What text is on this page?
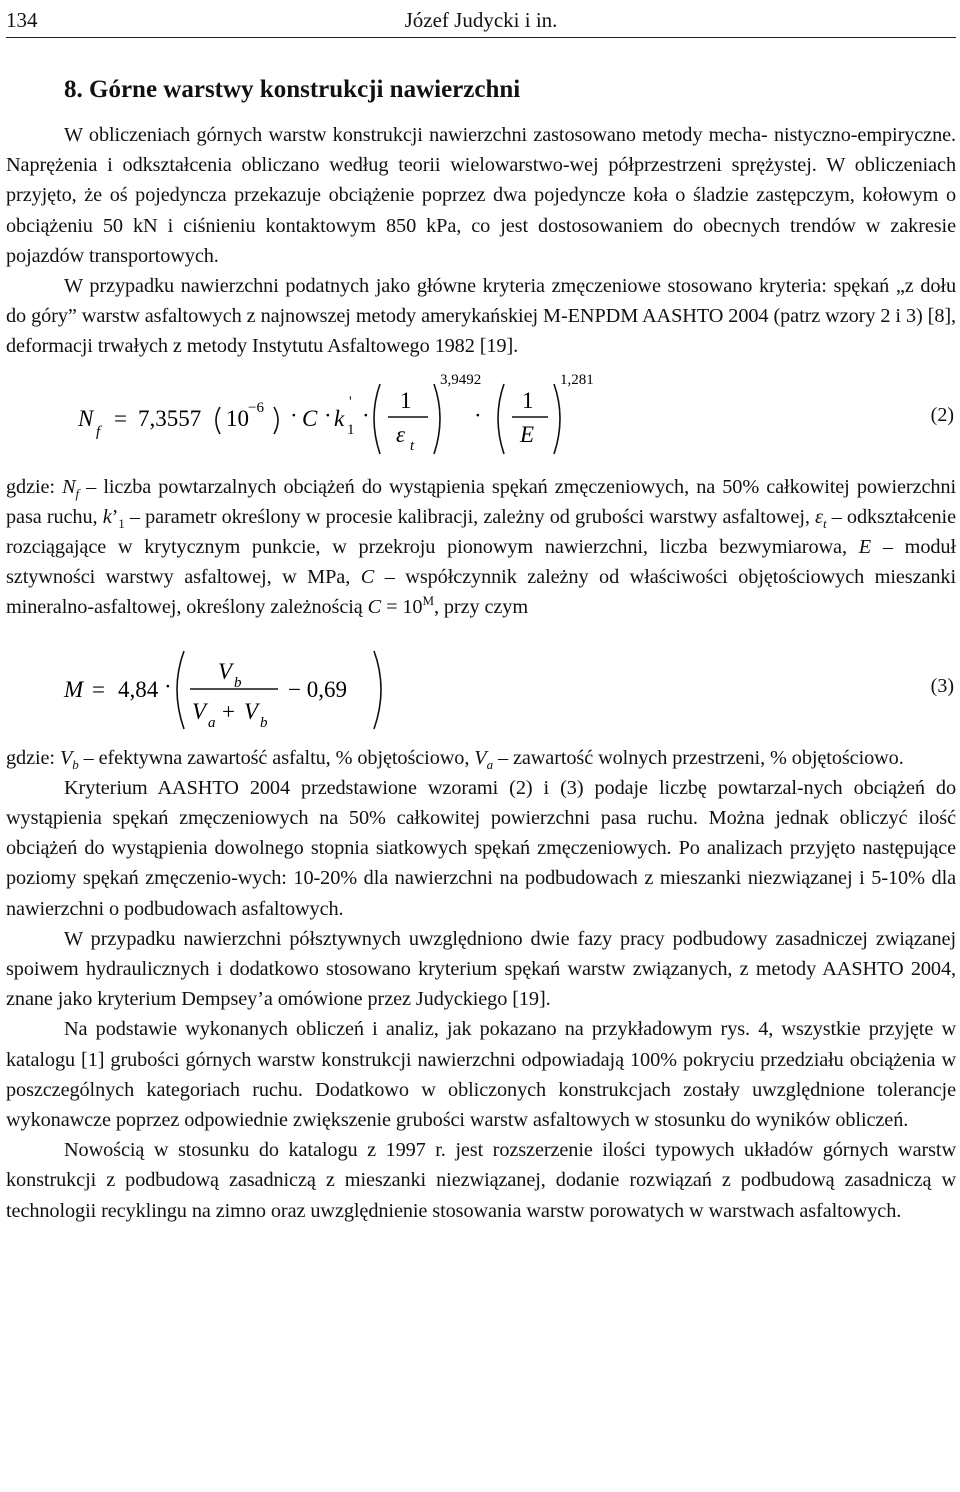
134	Józef Judycki i in.
8. Górne warstwy konstrukcji nawierzchni

W obliczeniach górnych warstw konstrukcji nawierzchni zastosowano metody mecha- nistyczno-empiryczne. Naprężenia i odkształcenia obliczano według teorii wielowarstwo-wej półprzestrzeni sprężystej. W obliczeniach przyjęto, że oś pojedyncza przekazuje obciążenie poprzez dwa pojedyncze koła o śladzie zastępczym, kołowym o obciążeniu 50 kN i ciśnieniu kontaktowym 850 kPa, co jest dostosowaniem do obecnych trendów w zakresie pojazdów transportowych.

W przypadku nawierzchni podatnych jako główne kryteria zmęczeniowe stosowano kryteria: spękań „z dołu do góry” warstw asfaltowych z najnowszej metody amerykańskiej M-ENPDM AASHTO 2004 (patrz wzory 2 i 3) [8], deformacji trwałych z metody Instytutu Asfaltowego 1982 [19].

N
f
= 7,3557 10 −6 · C · k
'
1
·
1
ε t
3,9492
·
1
E
1,281
(2)

gdzie: $N_f$ – liczba powtarzalnych obciążeń do wystąpienia spękań zmęczeniowych, na 50% całkowitej powierzchni pasa ruchu, $k’_1$ – parametr określony w procesie kalibracji, zależny od grubości warstwy asfaltowej, $\varepsilon_t$ – odkształcenie rozciągające w krytycznym punkcie, w przekroju pionowym nawierzchni, liczba bezwymiarowa, E – moduł sztywności warstwy asfaltowej, w MPa, C – współczynnik zależny od właściwości objętościowych mieszanki mineralno-asfaltowej, określony zależnością $C = 10^M$, przy czym

M = 4,84 ·
V b
V a + V b
− 0,69	(3)

gdzie: $V_b$ – efektywna zawartość asfaltu, % objętościowo, $V_a$ – zawartość wolnych przestrzeni, % objętościowo.

Kryterium AASHTO 2004 przedstawione wzorami (2) i (3) podaje liczbę powtarzal-nych obciążeń do wystąpienia spękań zmęczeniowych na 50% całkowitej powierzchni pasa ruchu. Można jednak obliczyć ilość obciążeń do wystąpienia dowolnego stopnia siatkowych spękań zmęczeniowych. Po analizach przyjęto następujące poziomy spękań zmęczenio-wych: 10-20% dla nawierzchni na podbudowach z mieszanki niezwiązanej i 5-10% dla nawierzchni o podbudowach asfaltowych.

W przypadku nawierzchni półsztywnych uwzględniono dwie fazy pracy podbudowy zasadniczej związanej spoiwem hydraulicznych i dodatkowo stosowano kryterium spękań warstw związanych, z metody AASHTO 2004, znane jako kryterium Dempsey’a omówione przez Judyckiego [19].

Na podstawie wykonanych obliczeń i analiz, jak pokazano na przykładowym rys. 4, wszystkie przyjęte w katalogu [1] grubości górnych warstw konstrukcji nawierzchni odpowiadają 100% pokryciu przedziału obciążenia w poszczególnych kategoriach ruchu. Dodatkowo w obliczonych konstrukcjach zostały uwzględnione tolerancje wykonawcze poprzez odpowiednie zwiększenie grubości warstw asfaltowych w stosunku do wyników obliczeń.

Nowością w stosunku do katalogu z 1997 r. jest rozszerzenie ilości typowych układów górnych warstw konstrukcji z podbudową zasadniczą z mieszanki niezwiązanej, dodanie rozwiązań z podbudową zasadniczą w technologii recyklingu na zimno oraz uwzględnienie stosowania warstw porowatych w warstwach asfaltowych.
